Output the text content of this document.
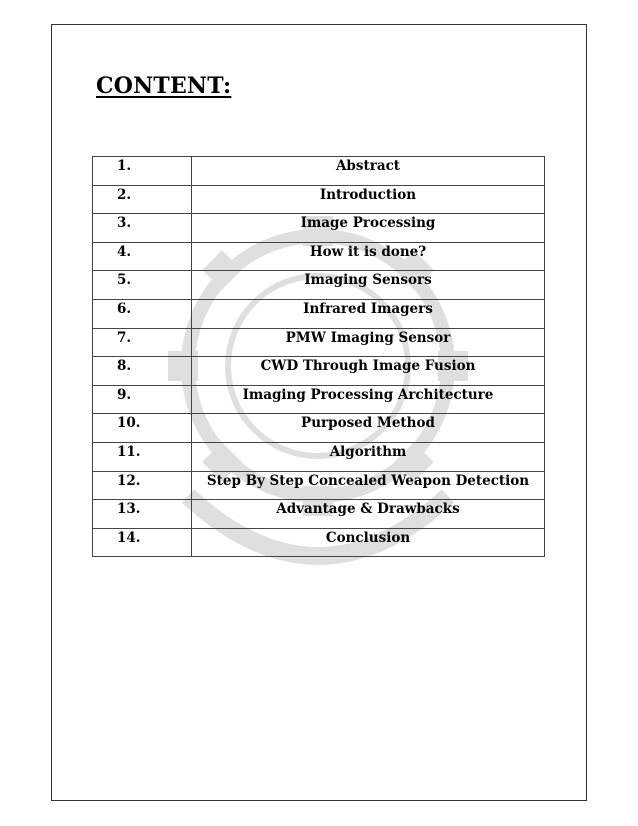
CONTENT:
1.	Abstract
2.	Introduction
3.	Image Processing
4.	How it is done?
5.	Imaging Sensors
6.	Infrared Imagers
7.	PMW Imaging Sensor
8.	CWD Through Image Fusion
9.	Imaging Processing Architecture
10.	Purposed Method
11.	Algorithm
12.	Step By Step Concealed Weapon Detection
13.	Advantage & Drawbacks
14.	Conclusion
